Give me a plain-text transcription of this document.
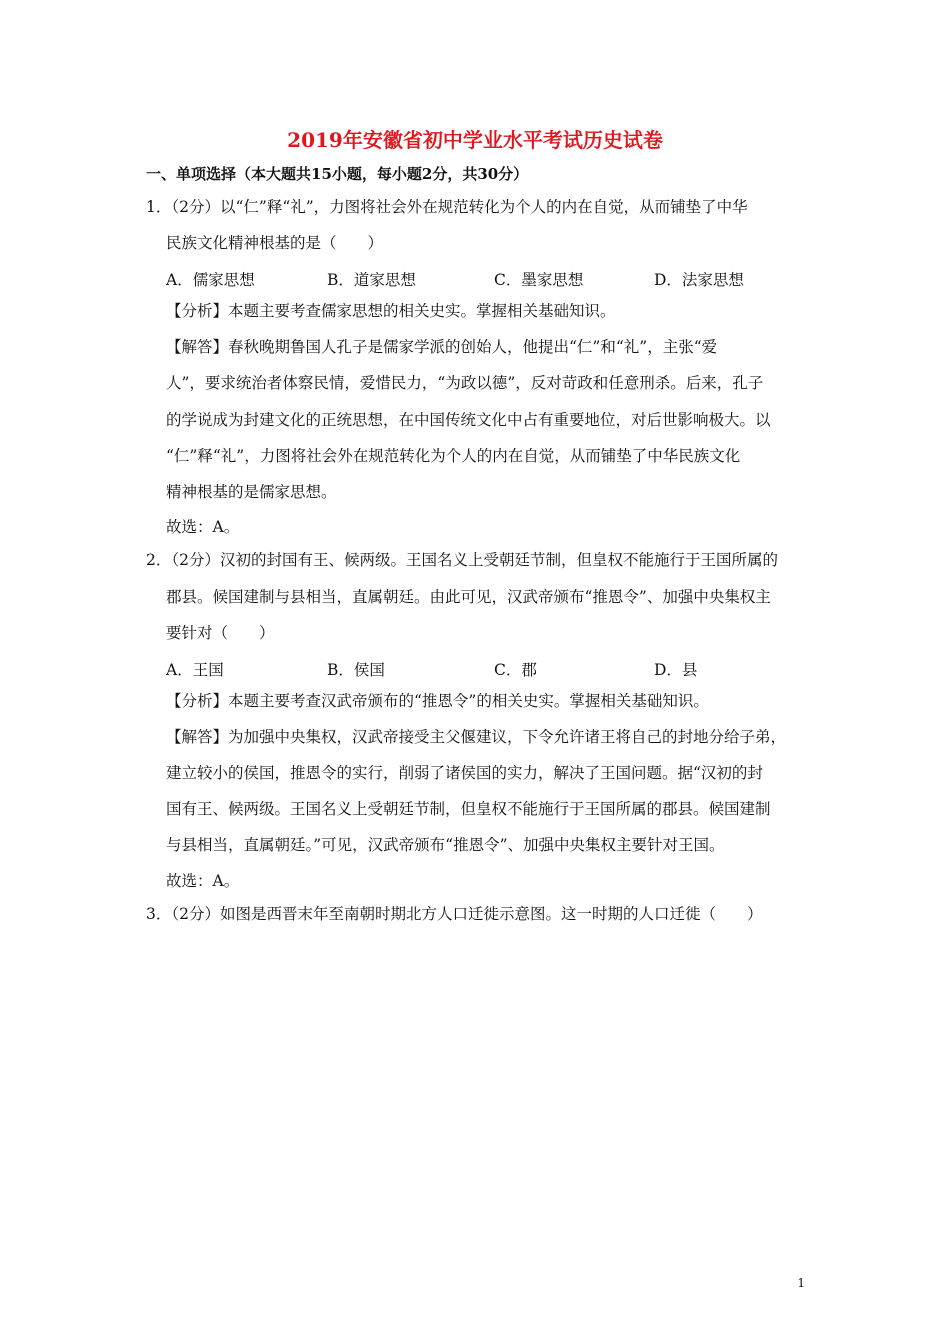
2019年安徽省初中学业水平考试历史试卷
一、单项选择（本大题共15小题，每小题2分，共30分）
1．（2分）以“仁”释“礼”，力图将社会外在规范转化为个人的内在自觉，从而铺垫了中华
民族文化精神根基的是（　　）
A．儒家思想	B．道家思想	C．墨家思想	D．法家思想
【分析】本题主要考查儒家思想的相关史实。掌握相关基础知识。
【解答】春秋晚期鲁国人孔子是儒家学派的创始人，他提出“仁”和“礼”，主张“爱
人”，要求统治者体察民情，爱惜民力，“为政以德”，反对苛政和任意刑杀。后来，孔子
的学说成为封建文化的正统思想，在中国传统文化中占有重要地位，对后世影响极大。以
“仁”释“礼”，力图将社会外在规范转化为个人的内在自觉，从而铺垫了中华民族文化
精神根基的是儒家思想。
故选：A。
2．（2分）汉初的封国有王、候两级。王国名义上受朝廷节制，但皇权不能施行于王国所属的
郡县。候国建制与县相当，直属朝廷。由此可见，汉武帝颁布“推恩令”、加强中央集权主
要针对（　　）
A．王国	B．侯国	C．郡	D．县
【分析】本题主要考查汉武帝颁布的“推恩令”的相关史实。掌握相关基础知识。
【解答】为加强中央集权，汉武帝接受主父偃建议，下令允许诸王将自己的封地分给子弟，
建立较小的侯国，推恩令的实行，削弱了诸侯国的实力，解决了王国问题。据“汉初的封
国有王、候两级。王国名义上受朝廷节制，但皇权不能施行于王国所属的郡县。候国建制
与县相当，直属朝廷。”可见，汉武帝颁布“推恩令”、加强中央集权主要针对王国。
故选：A。
3．（2分）如图是西晋末年至南朝时期北方人口迁徙示意图。这一时期的人口迁徙（　　）
1
